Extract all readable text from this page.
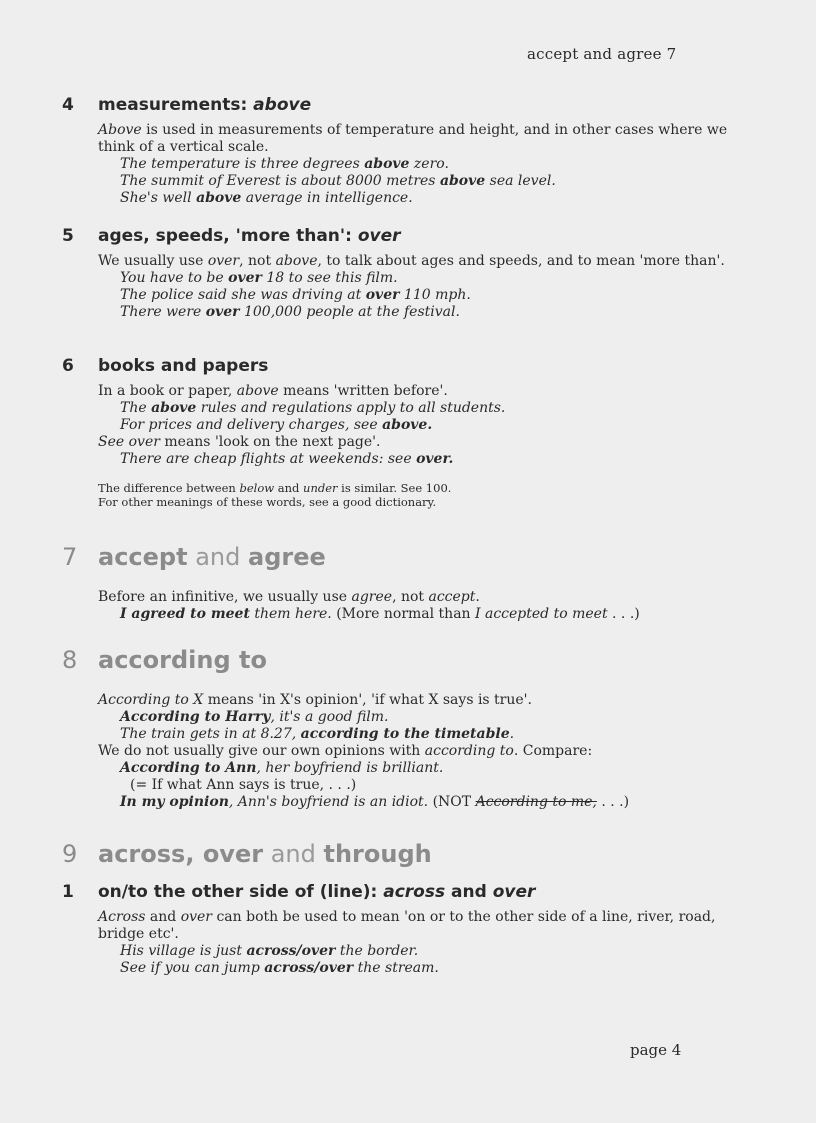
accept and agree 7
4 measurements: above
Above is used in measurements of temperature and height, and in other cases where we think of a vertical scale.
The temperature is three degrees above zero.
The summit of Everest is about 8000 metres above sea level.
She's well above average in intelligence.
5 ages, speeds, 'more than': over
We usually use over, not above, to talk about ages and speeds, and to mean 'more than'.
You have to be over 18 to see this film.
The police said she was driving at over 110 mph.
There were over 100,000 people at the festival.
6 books and papers
In a book or paper, above means 'written before'.
The above rules and regulations apply to all students.
For prices and delivery charges, see above.
See over means 'look on the next page'.
There are cheap flights at weekends: see over.
The difference between below and under is similar. See 100.
For other meanings of these words, see a good dictionary.
7 accept and agree
Before an infinitive, we usually use agree, not accept.
I agreed to meet them here. (More normal than I accepted to meet . . .)
8 according to
According to X means 'in X's opinion', 'if what X says is true'.
According to Harry, it's a good film.
The train gets in at 8.27, according to the timetable.
We do not usually give our own opinions with according to. Compare:
According to Ann, her boyfriend is brilliant.
(= If what Ann says is true, . . .)
In my opinion, Ann's boyfriend is an idiot. (NOT According to me, . . .)
9 across, over and through
1 on/to the other side of (line): across and over
Across and over can both be used to mean 'on or to the other side of a line, river, road, bridge etc'.
His village is just across/over the border.
See if you can jump across/over the stream.
page 4
